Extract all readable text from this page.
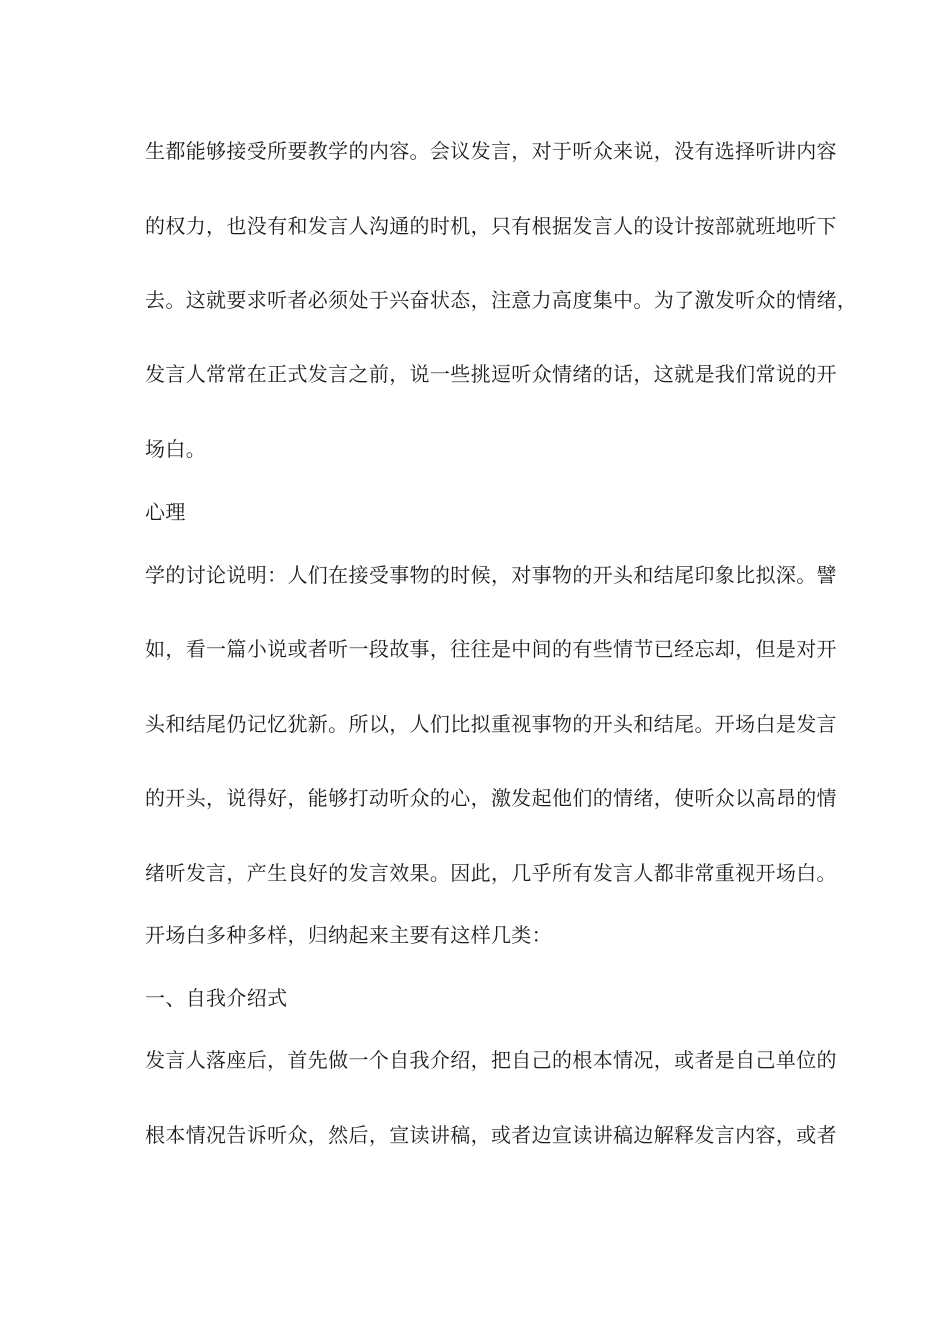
生都能够接受所要教学的内容。会议发言，对于听众来说，没有选择听讲内容
的权力，也没有和发言人沟通的时机，只有根据发言人的设计按部就班地听下
去。这就要求听者必须处于兴奋状态，注意力高度集中。为了激发听众的情绪，
发言人常常在正式发言之前，说一些挑逗听众情绪的话，这就是我们常说的开
场白。
心理
学的讨论说明：人们在接受事物的时候，对事物的开头和结尾印象比拟深。譬
如，看一篇小说或者听一段故事，往往是中间的有些情节已经忘却，但是对开
头和结尾仍记忆犹新。所以，人们比拟重视事物的开头和结尾。开场白是发言
的开头，说得好，能够打动听众的心，激发起他们的情绪，使听众以高昂的情
绪听发言，产生良好的发言效果。因此，几乎所有发言人都非常重视开场白。
开场白多种多样，归纳起来主要有这样几类：
一、自我介绍式
发言人落座后，首先做一个自我介绍，把自己的根本情况，或者是自己单位的
根本情况告诉听众，然后，宣读讲稿，或者边宣读讲稿边解释发言内容，或者
